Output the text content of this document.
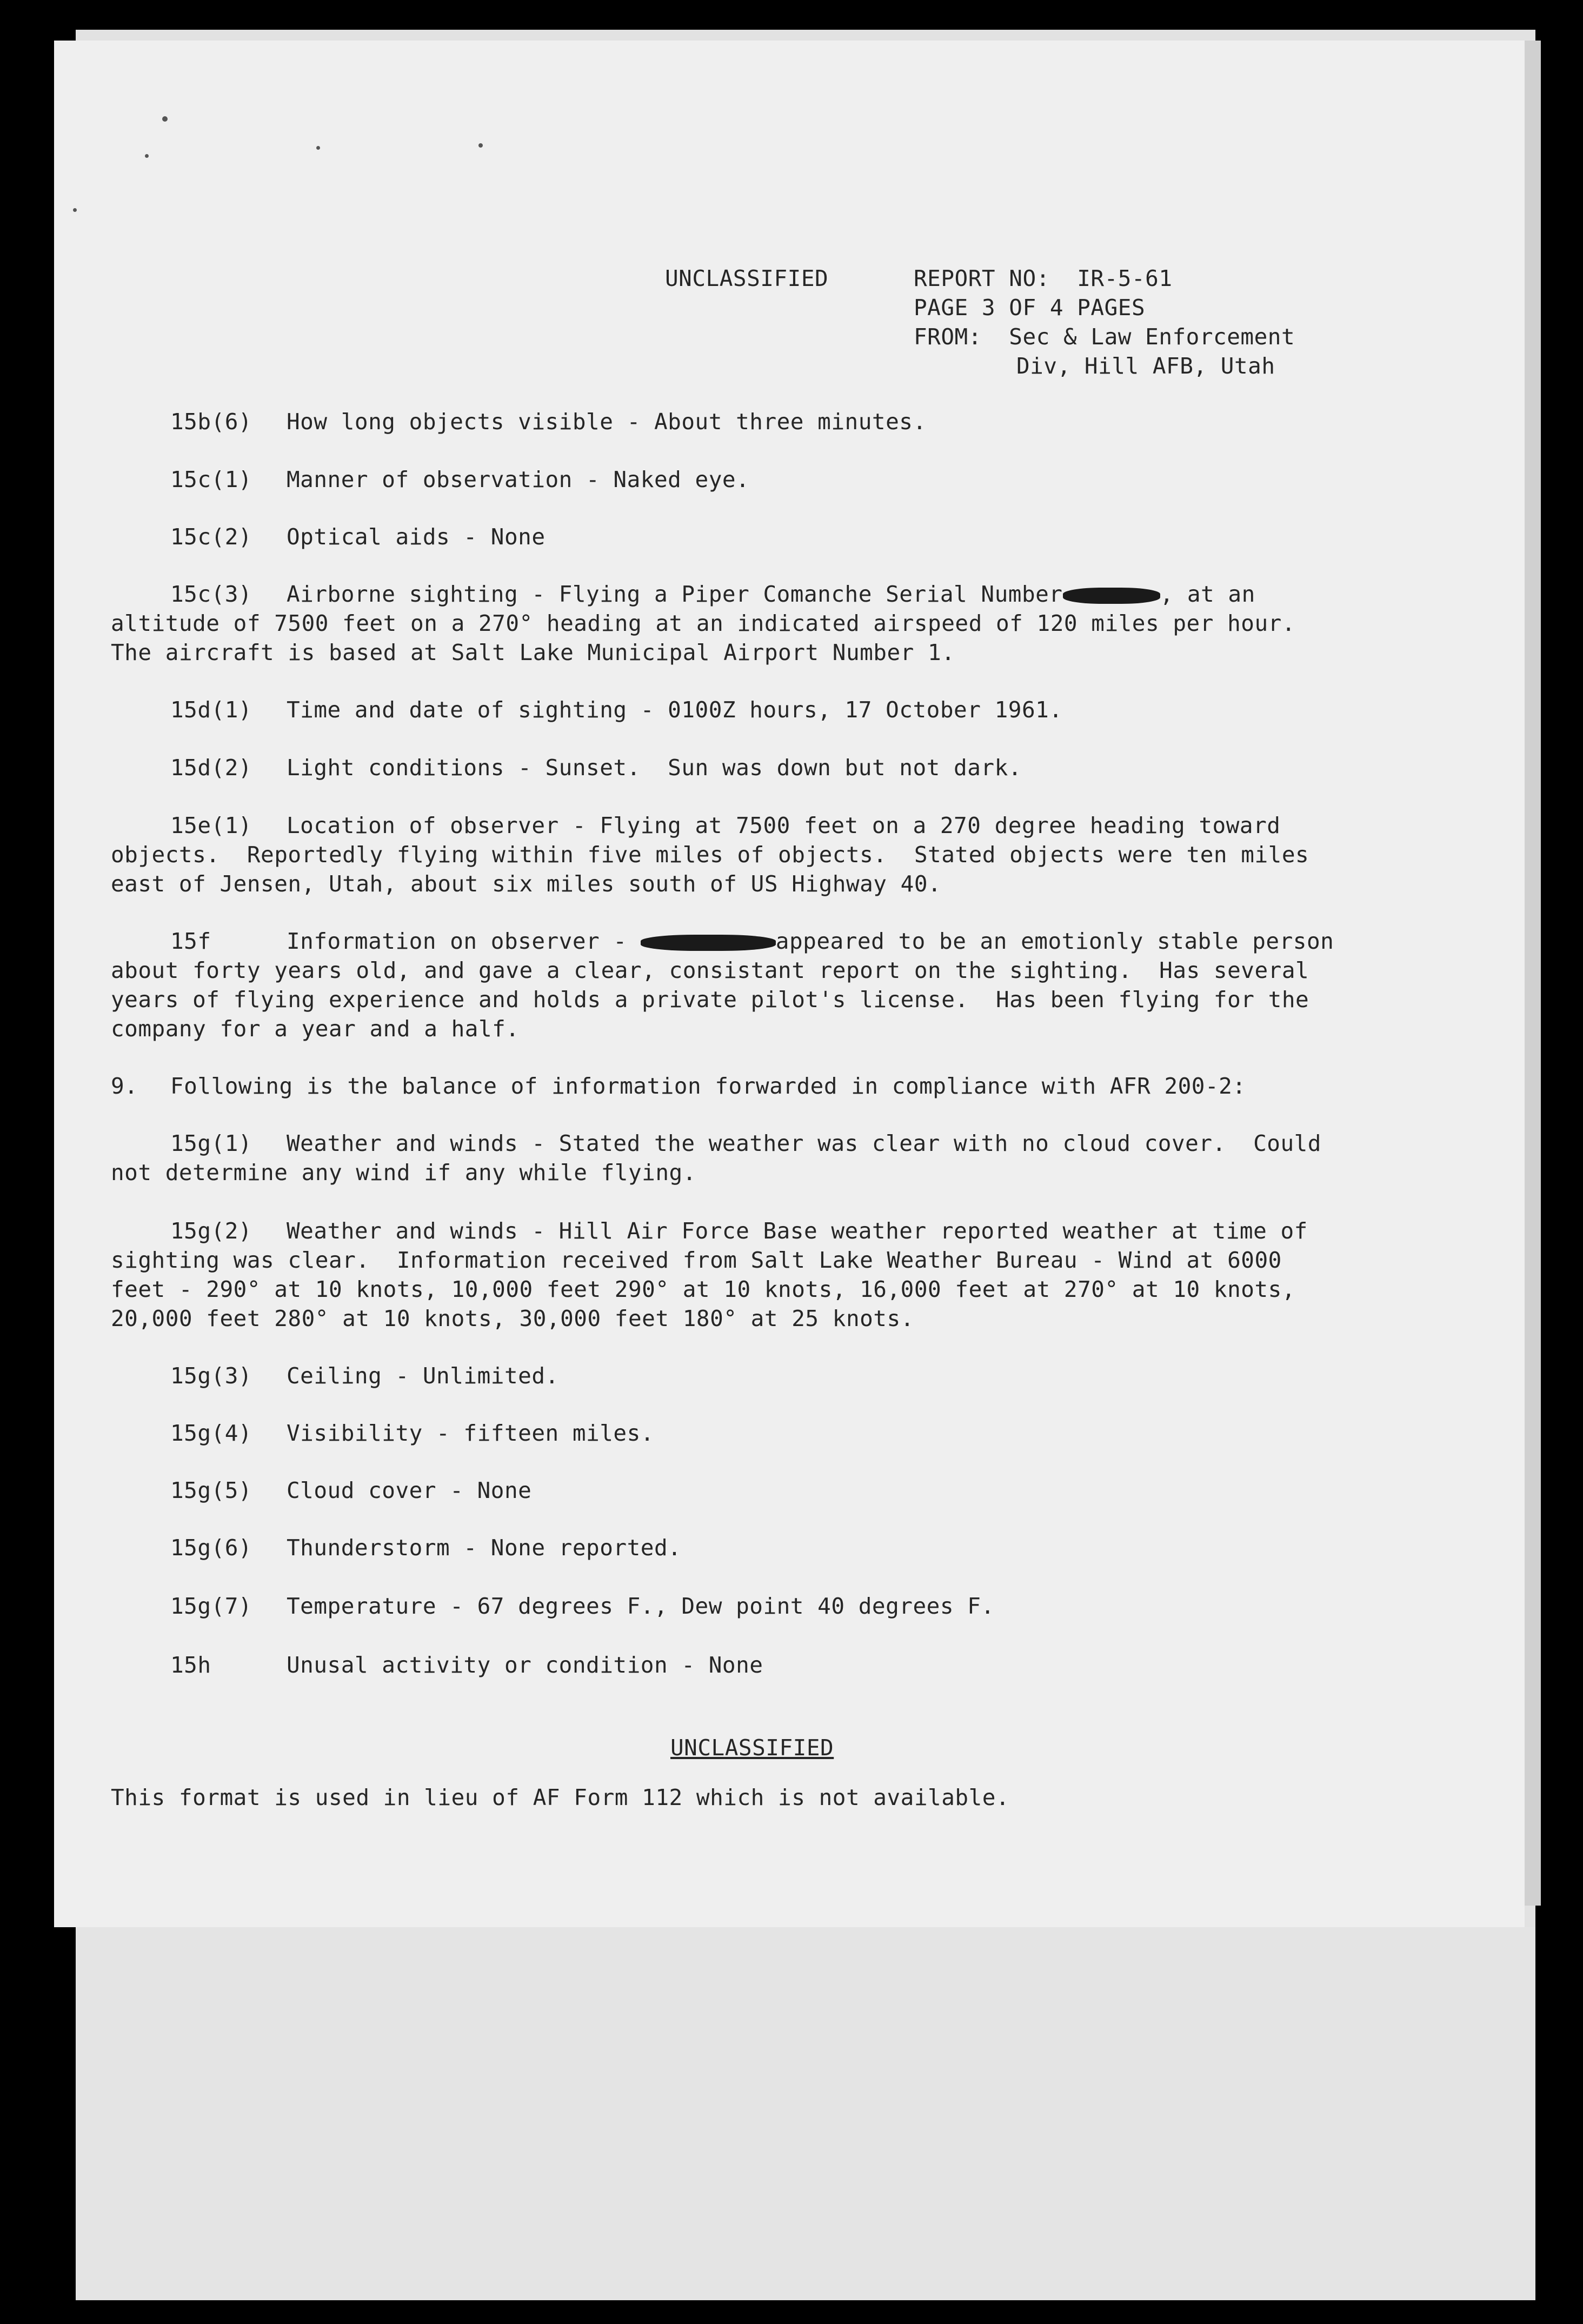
UNCLASSIFIED	REPORT NO:  IR-5-61
PAGE 3 OF 4 PAGES
FROM:  Sec & Law Enforcement
Div, Hill AFB, Utah
15b(6) How long objects visible - About three minutes.
15c(1) Manner of observation - Naked eye.
15c(2) Optical aids - None
15c(3) Airborne sighting - Flying a Piper Comanche Serial Number	, at an
altitude of 7500 feet on a 270° heading at an indicated airspeed of 120 miles per hour.
The aircraft is based at Salt Lake Municipal Airport Number 1.
15d(1) Time and date of sighting - 0100Z hours, 17 October 1961.
15d(2) Light conditions - Sunset.  Sun was down but not dark.
15e(1) Location of observer - Flying at 7500 feet on a 270 degree heading toward
objects.  Reportedly flying within five miles of objects.  Stated objects were ten miles
east of Jensen, Utah, about six miles south of US Highway 40.
15f	Information on observer -	appeared to be an emotionly stable person
about forty years old, and gave a clear, consistant report on the sighting.  Has several
years of flying experience and holds a private pilot's license.  Has been flying for the
company for a year and a half.
9. Following is the balance of information forwarded in compliance with AFR 200-2:
15g(1) Weather and winds - Stated the weather was clear with no cloud cover.  Could
not determine any wind if any while flying.
15g(2) Weather and winds - Hill Air Force Base weather reported weather at time of
sighting was clear.  Information received from Salt Lake Weather Bureau - Wind at 6000
feet - 290° at 10 knots, 10,000 feet 290° at 10 knots, 16,000 feet at 270° at 10 knots,
20,000 feet 280° at 10 knots, 30,000 feet 180° at 25 knots.
15g(3) Ceiling - Unlimited.
15g(4) Visibility - fifteen miles.
15g(5) Cloud cover - None
15g(6) Thunderstorm - None reported.
15g(7) Temperature - 67 degrees F., Dew point 40 degrees F.
15h	Unusal activity or condition - None
UNCLASSIFIED
This format is used in lieu of AF Form 112 which is not available.
